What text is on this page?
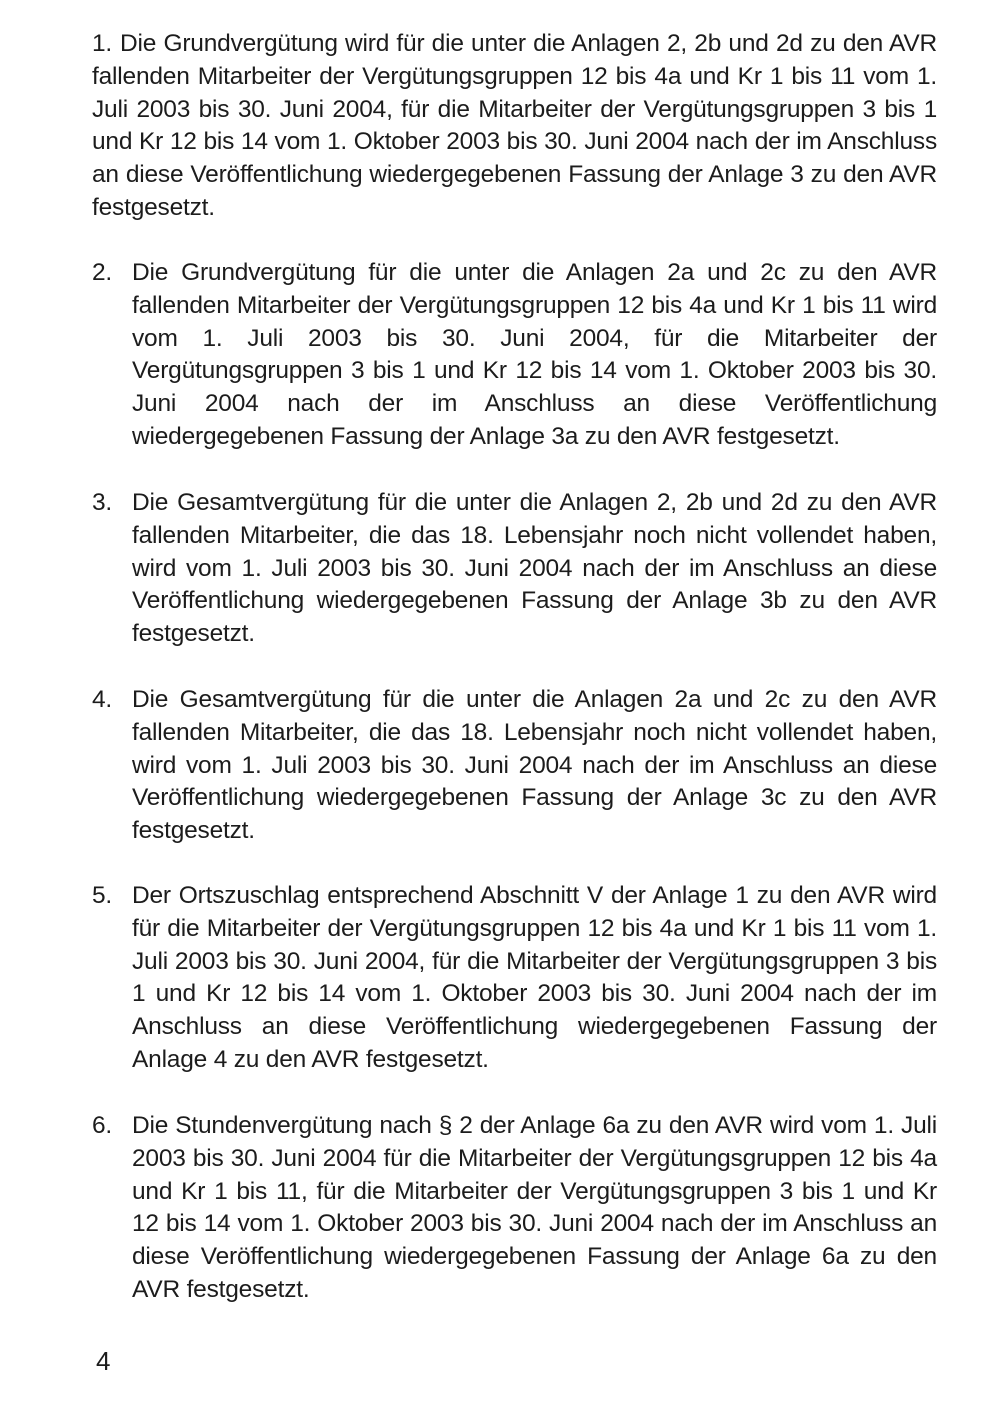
1. Die Grundvergütung wird für die unter die Anlagen 2, 2b und 2d zu den AVR fallenden Mitarbeiter der Vergütungsgruppen 12 bis 4a und Kr 1 bis 11 vom 1. Juli 2003 bis 30. Juni 2004, für die Mitarbeiter der Vergütungsgruppen 3 bis 1 und Kr 12 bis 14 vom 1. Oktober 2003 bis 30. Juni 2004 nach der im Anschluss an diese Veröffentlichung wiedergegebenen Fassung der Anlage 3 zu den AVR festgesetzt.
2. Die Grundvergütung für die unter die Anlagen 2a und 2c zu den AVR fallenden Mitarbeiter der Vergütungsgruppen 12 bis 4a und Kr 1 bis 11 wird vom 1. Juli 2003 bis 30. Juni 2004, für die Mitarbeiter der Vergütungsgruppen 3 bis 1 und Kr 12 bis 14 vom 1. Oktober 2003 bis 30. Juni 2004 nach der im Anschluss an diese Veröffentlichung wiedergegebenen Fassung der Anlage 3a zu den AVR festgesetzt.
3. Die Gesamtvergütung für die unter die Anlagen 2, 2b und 2d zu den AVR fallenden Mitarbeiter, die das 18. Lebensjahr noch nicht vollendet haben, wird vom 1. Juli 2003 bis 30. Juni 2004 nach der im Anschluss an diese Veröffentlichung wiedergegebenen Fassung der Anlage 3b zu den AVR festgesetzt.
4. Die Gesamtvergütung für die unter die Anlagen 2a und 2c zu den AVR fallenden Mitarbeiter, die das 18. Lebensjahr noch nicht vollendet haben, wird vom 1. Juli 2003 bis 30. Juni 2004 nach der im Anschluss an diese Veröffentlichung wiedergegebenen Fassung der Anlage 3c zu den AVR festgesetzt.
5. Der Ortszuschlag entsprechend Abschnitt V der Anlage 1 zu den AVR wird für die Mitarbeiter der Vergütungsgruppen 12 bis 4a und Kr 1 bis 11 vom 1. Juli 2003 bis 30. Juni 2004, für die Mitarbeiter der Vergütungsgruppen 3 bis 1 und Kr 12 bis 14 vom 1. Oktober 2003 bis 30. Juni 2004 nach der im Anschluss an diese Veröffentlichung wiedergegebenen Fassung der Anlage 4 zu den AVR festgesetzt.
6. Die Stundenvergütung nach § 2 der Anlage 6a zu den AVR wird vom 1. Juli 2003 bis 30. Juni 2004 für die Mitarbeiter der Vergütungsgruppen 12 bis 4a und Kr 1 bis 11, für die Mitarbeiter der Vergütungsgruppen 3 bis 1 und Kr 12 bis 14 vom 1. Oktober 2003 bis 30. Juni 2004 nach der im Anschluss an diese Veröffentlichung wiedergegebenen Fassung der Anlage 6a zu den AVR festgesetzt.
4
